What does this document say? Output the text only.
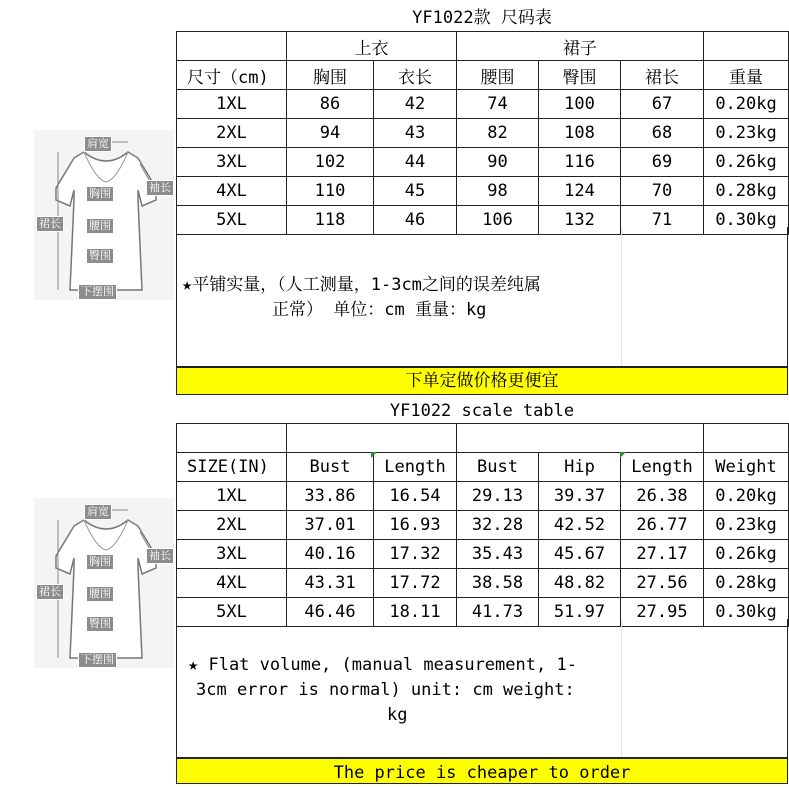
肩宽
胸围	袖长
裙长	腰围
臀围
下摆围
肩宽
胸围	袖长
裙长	腰围
臀围
下摆围
YF1022款 尺码表
	上衣		裙子			
尺寸（cm)	胸围	衣长	腰围	臀围	裙长	重量
1XL	86	42	74	100	67	0.20kg
2XL	94	43	82	108	68	0.23kg
3XL	102	44	90	116	69	0.26kg
4XL	110	45	98	124	70	0.28kg
5XL	118	46	106	132	71	0.30kg
★平铺实量，（人工测量，1-3cm之间的误差纯属
正常） 单位：cm 重量：kg
下单定做价格更便宜
YF1022 scale table

SIZE(IN)	Bust	Length	Bust	Hip	Length	Weight
1XL	33.86	16.54	29.13	39.37	26.38	0.20kg
2XL	37.01	16.93	32.28	42.52	26.77	0.23kg
3XL	40.16	17.32	35.43	45.67	27.17	0.26kg
4XL	43.31	17.72	38.58	48.82	27.56	0.28kg
5XL	46.46	18.11	41.73	51.97	27.95	0.30kg
★ Flat volume, (manual measurement, 1-
3cm error is normal) unit: cm weight:
kg
The price is cheaper to order
